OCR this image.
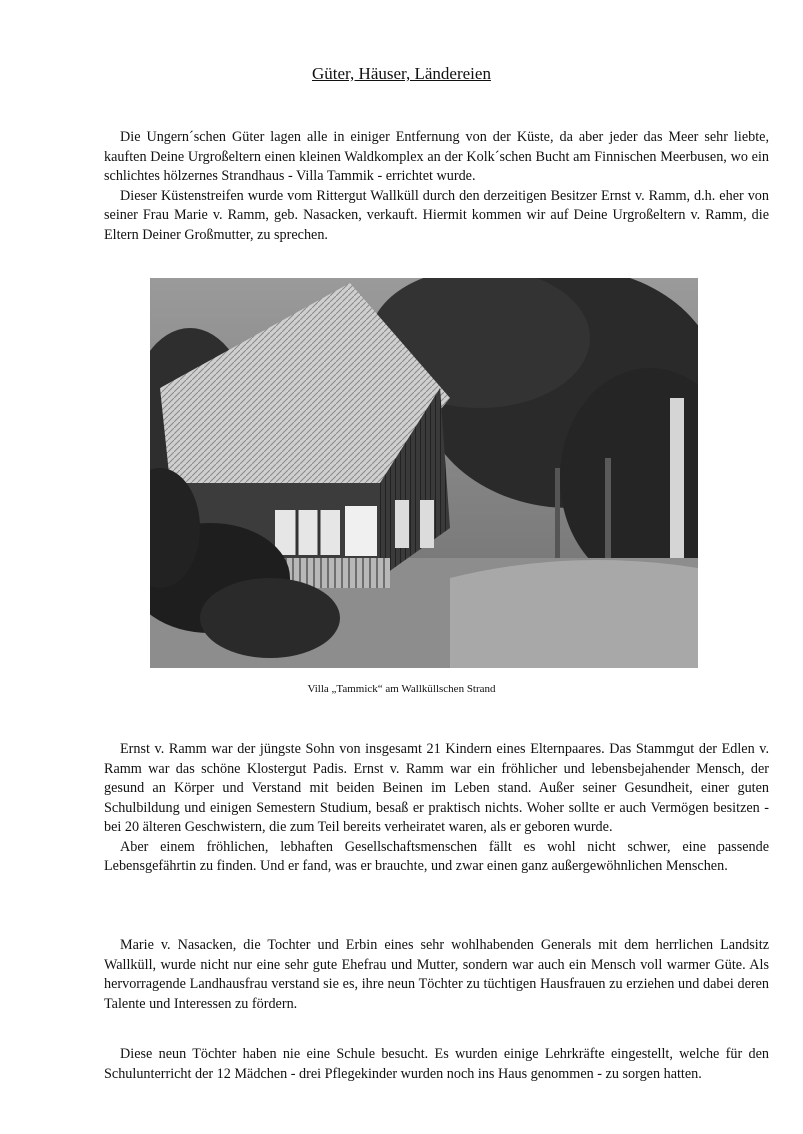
Güter, Häuser, Ländereien

Die Ungern´schen Güter lagen alle in einiger Entfernung von der Küste, da aber jeder das Meer sehr liebte, kauften Deine Urgroßeltern einen kleinen Waldkomplex an der Kolk´schen Bucht am Finnischen Meerbusen, wo ein schlichtes hölzernes Strandhaus - Villa Tammik - errichtet wurde.

Dieser Küstenstreifen wurde vom Rittergut Wallküll durch den derzeitigen Besitzer Ernst v. Ramm, d.h. eher von seiner Frau Marie v. Ramm, geb. Nasacken, verkauft. Hiermit kommen wir auf Deine Urgroßeltern v. Ramm, die Eltern Deiner Großmutter, zu sprechen.

Villa „Tammick“ am Wallküllschen Strand

Ernst v. Ramm war der jüngste Sohn von insgesamt 21 Kindern eines Elternpaares. Das Stammgut der Edlen v. Ramm war das schöne Klostergut Padis. Ernst v. Ramm war ein fröhlicher und lebensbejahender Mensch, der gesund an Körper und Verstand mit beiden Beinen im Leben stand. Außer seiner Gesundheit, einer guten Schulbildung und einigen Semestern Studium, besaß er praktisch nichts. Woher sollte er auch Vermögen besitzen - bei 20 älteren Geschwistern, die zum Teil bereits verheiratet waren, als er geboren wurde.

Aber einem fröhlichen, lebhaften Gesellschaftsmenschen fällt es wohl nicht schwer, eine passende Lebensgefährtin zu finden. Und er fand, was er brauchte, und zwar einen ganz außergewöhnlichen Menschen.

Marie v. Nasacken, die Tochter und Erbin eines sehr wohlhabenden Generals mit dem herrlichen Landsitz Wallküll, wurde nicht nur eine sehr gute Ehefrau und Mutter, sondern war auch ein Mensch voll warmer Güte. Als hervorragende Landhausfrau verstand sie es, ihre neun Töchter zu tüchtigen Hausfrauen zu erziehen und dabei deren Talente und Interessen zu fördern.

Diese neun Töchter haben nie eine Schule besucht. Es wurden einige Lehrkräfte eingestellt, welche für den Schulunterricht der 12 Mädchen - drei Pflegekinder wurden noch ins Haus genommen - zu sorgen hatten.
